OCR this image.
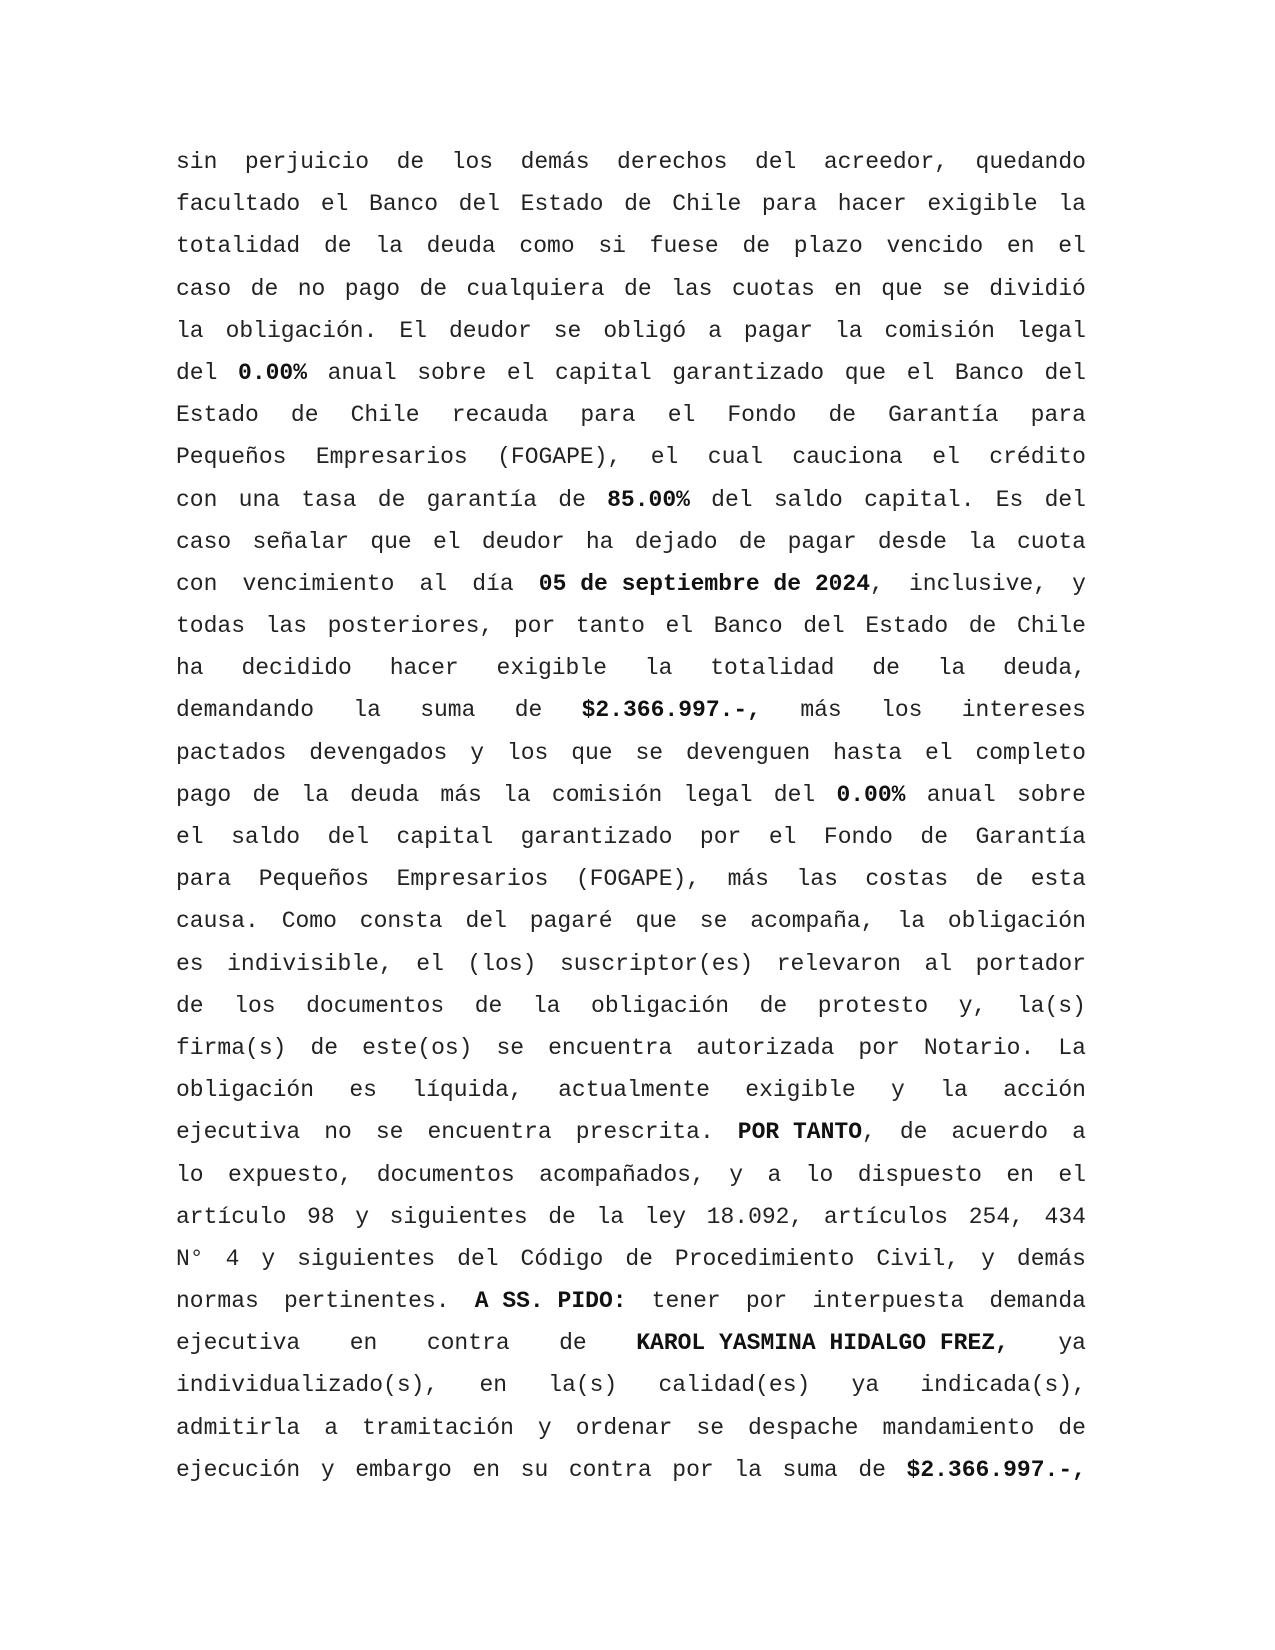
sin perjuicio de los demás derechos del acreedor, quedando
facultado el Banco del Estado de Chile para hacer exigible la
totalidad de la deuda como si fuese de plazo vencido en el
caso de no pago de cualquiera de las cuotas en que se dividió
la obligación. El deudor se obligó a pagar la comisión legal
del 0.00% anual sobre el capital garantizado que el Banco del
Estado de Chile recauda para el Fondo de Garantía para
Pequeños Empresarios (FOGAPE), el cual cauciona el crédito
con una tasa de garantía de 85.00% del saldo capital. Es del
caso señalar que el deudor ha dejado de pagar desde la cuota
con vencimiento al día 05 de septiembre de 2024, inclusive, y
todas las posteriores, por tanto el Banco del Estado de Chile
ha decidido hacer exigible la totalidad de la deuda,
demandando la suma de $2.366.997.-, más los intereses
pactados devengados y los que se devenguen hasta el completo
pago de la deuda más la comisión legal del 0.00% anual sobre
el saldo del capital garantizado por el Fondo de Garantía
para Pequeños Empresarios (FOGAPE), más las costas de esta
causa. Como consta del pagaré que se acompaña, la obligación
es indivisible, el (los) suscriptor(es) relevaron al portador
de los documentos de la obligación de protesto y, la(s)
firma(s) de este(os) se encuentra autorizada por Notario. La
obligación es líquida, actualmente exigible y la acción
ejecutiva no se encuentra prescrita. POR TANTO, de acuerdo a
lo expuesto, documentos acompañados, y a lo dispuesto en el
artículo 98 y siguientes de la ley 18.092, artículos 254, 434
N° 4 y siguientes del Código de Procedimiento Civil, y demás
normas pertinentes. A SS. PIDO: tener por interpuesta demanda
ejecutiva en contra de KAROL YASMINA HIDALGO FREZ, ya
individualizado(s), en la(s) calidad(es) ya indicada(s),
admitirla a tramitación y ordenar se despache mandamiento de
ejecución y embargo en su contra por la suma de $2.366.997.-,
